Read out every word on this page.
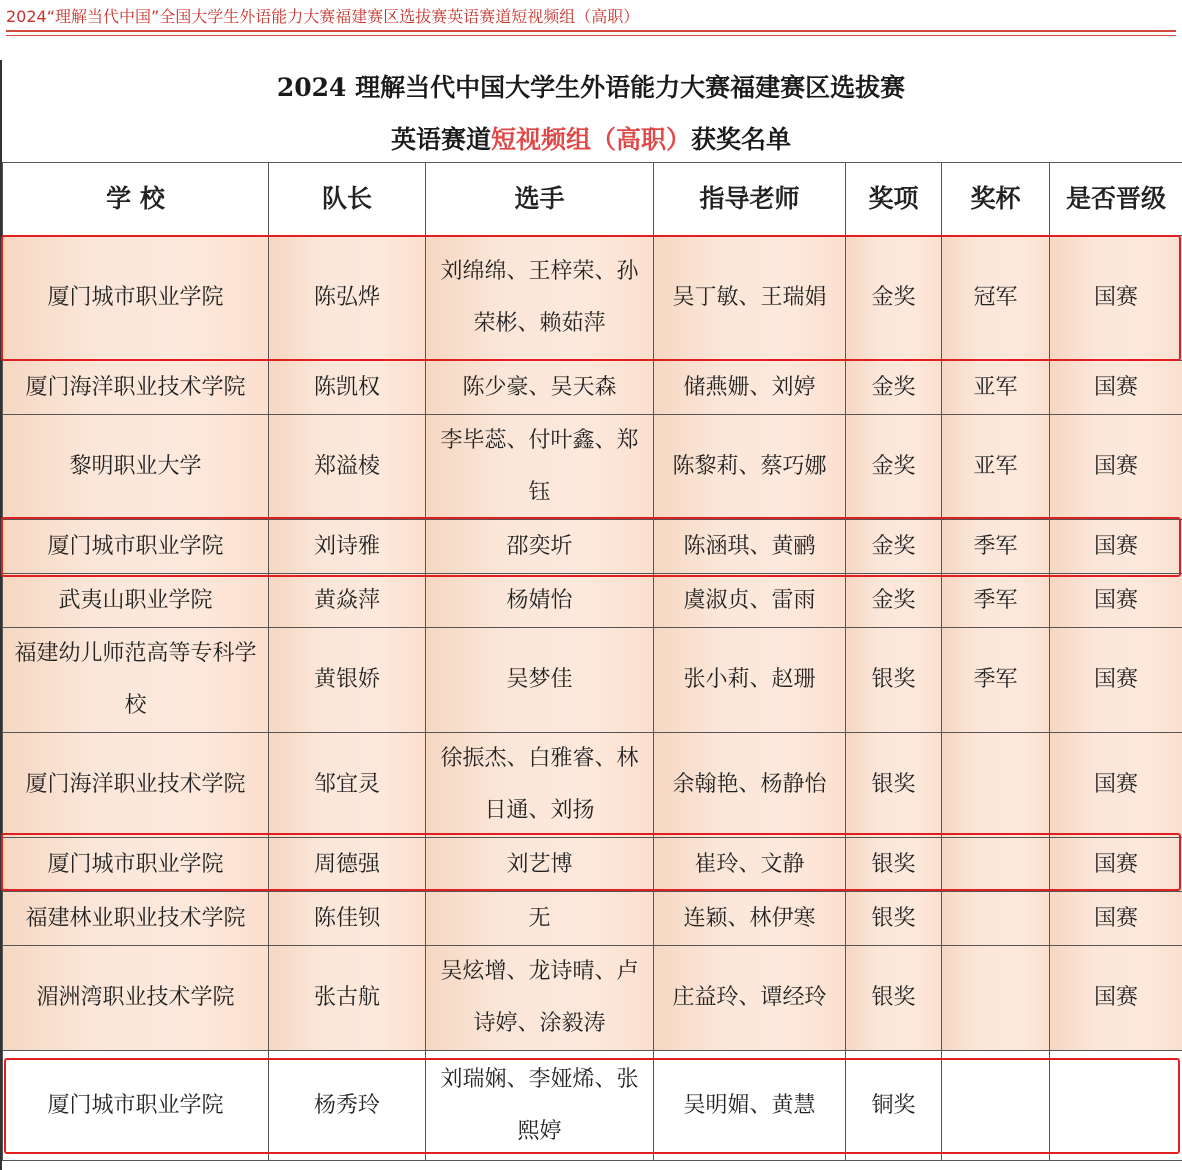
2024“理解当代中国”全国大学生外语能力大赛福建赛区选拔赛英语赛道短视频组（高职）
2024 理解当代中国大学生外语能力大赛福建赛区选拔赛
英语赛道短视频组（高职）获奖名单
学 校	队长	选手	指导老师	奖项	奖杯	是否晋级
厦门城市职业学院	陈弘烨	刘绵绵、王梓荣、孙荣彬、赖茹萍	吴丁敏、王瑞娟	金奖	冠军	国赛
厦门海洋职业技术学院	陈凯权	陈少豪、吴天森	储燕姗、刘婷	金奖	亚军	国赛
黎明职业大学	郑溢棱	李毕蕊、付叶鑫、郑钰	陈黎莉、蔡巧娜	金奖	亚军	国赛
厦门城市职业学院	刘诗雅	邵奕圻	陈涵琪、黄鹂	金奖	季军	国赛
武夷山职业学院	黄焱萍	杨婧怡	虞淑贞、雷雨	金奖	季军	国赛
福建幼儿师范高等专科学校	黄银娇	吴梦佳	张小莉、赵珊	银奖	季军	国赛
厦门海洋职业技术学院	邹宜灵	徐振杰、白雅睿、林日通、刘扬	余翰艳、杨静怡	银奖		国赛
厦门城市职业学院	周德强	刘艺博	崔玲、文静	银奖		国赛
福建林业职业技术学院	陈佳钡	无	连颖、林伊寒	银奖		国赛
湄洲湾职业技术学院	张古航	吴炫增、龙诗晴、卢诗婷、涂毅涛	庄益玲、谭经玲	银奖		国赛
厦门城市职业学院	杨秀玲	刘瑞娴、李娅烯、张熙婷	吴明媚、黄慧	铜奖		
